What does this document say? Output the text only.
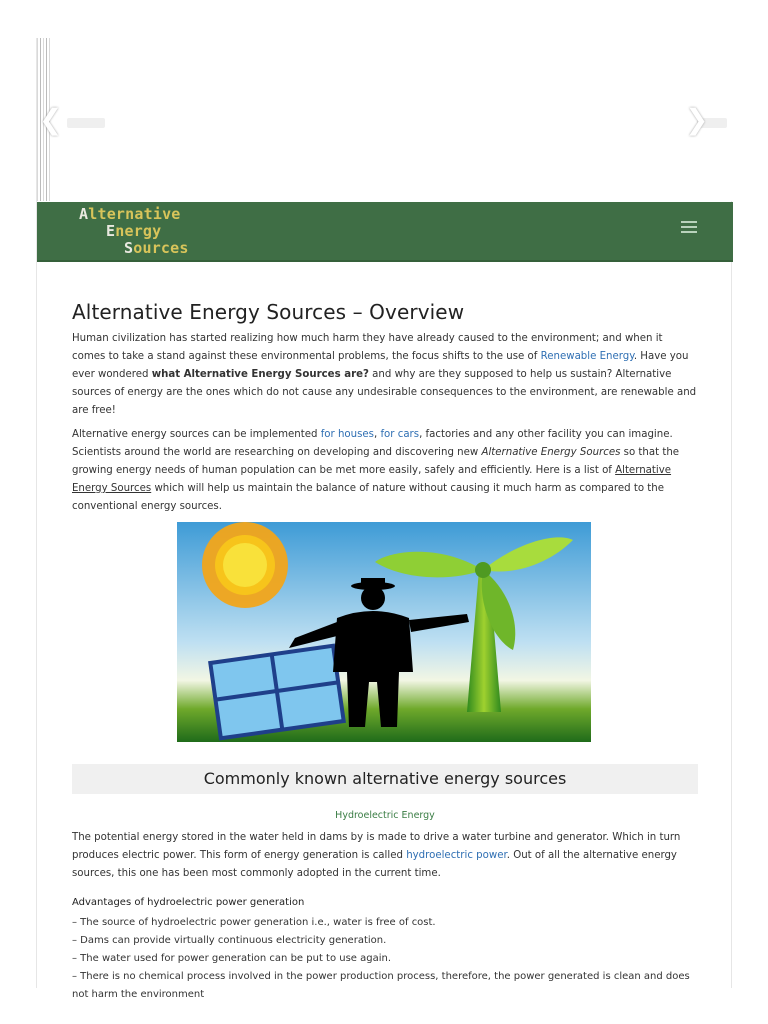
❮	❯
Alternative
Energy
Sources
Alternative Energy Sources – Overview

Human civilization has started realizing how much harm they have already caused to the environment; and when it comes to take a stand against these environmental problems, the focus shifts to the use of Renewable Energy. Have you ever wondered what Alternative Energy Sources are? and why are they supposed to help us sustain? Alternative sources of energy are the ones which do not cause any undesirable consequences to the environment, are renewable and are free!

Alternative energy sources can be implemented for houses, for cars, factories and any other facility you can imagine. Scientists around the world are researching on developing and discovering new Alternative Energy Sources so that the growing energy needs of human population can be met more easily, safely and efficiently. Here is a list of Alternative Energy Sources which will help us maintain the balance of nature without causing it much harm as compared to the conventional energy sources.

Commonly known alternative energy sources
Hydroelectric Energy

The potential energy stored in the water held in dams by is made to drive a water turbine and generator. Which in turn produces electric power. This form of energy generation is called hydroelectric power. Out of all the alternative energy sources, this one has been most commonly adopted in the current time.

Advantages of hydroelectric power generation
– The source of hydroelectric power generation i.e., water is free of cost.
– Dams can provide virtually continuous electricity generation.
– The water used for power generation can be put to use again.
– There is no chemical process involved in the power production process, therefore, the power generated is clean and does not harm the environment
